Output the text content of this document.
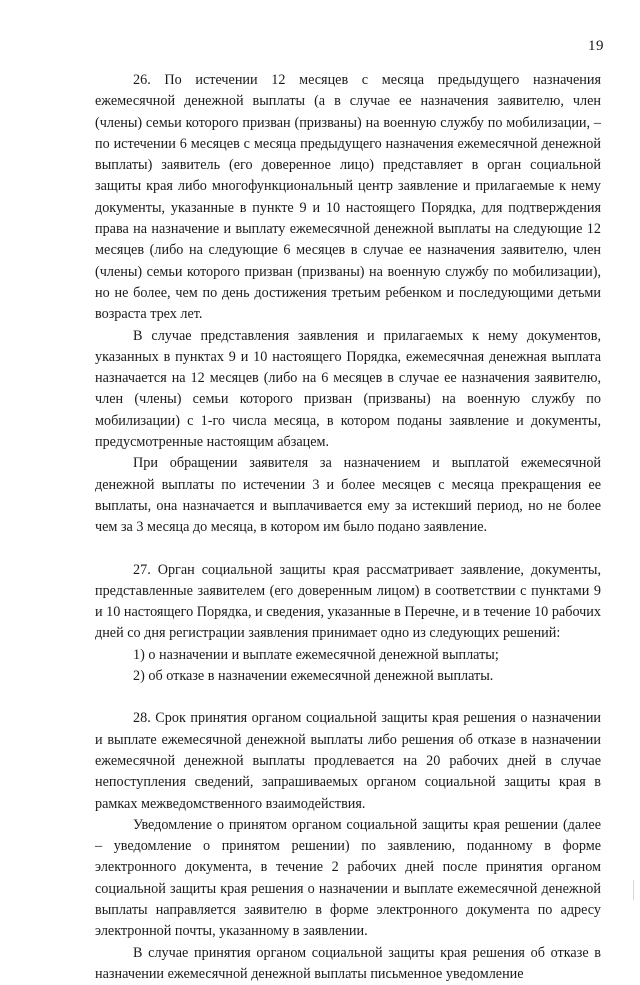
19

26. По истечении 12 месяцев с месяца предыдущего назначения ежемесячной денежной выплаты (а в случае ее назначения заявителю, член (члены) семьи которого призван (призваны) на военную службу по мобилизации, – по истечении 6 месяцев с месяца предыдущего назначения ежемесячной денежной выплаты) заявитель (его доверенное лицо) представляет в орган социальной защиты края либо многофункциональный центр заявление и прилагаемые к нему документы, указанные в пункте 9 и 10 настоящего Порядка, для подтверждения права на назначение и выплату ежемесячной денежной выплаты на следующие 12 месяцев (либо на следующие 6 месяцев в случае ее назначения заявителю, член (члены) семьи которого призван (призваны) на военную службу по мобилизации), но не более, чем по день достижения третьим ребенком и последующими детьми возраста трех лет.

В случае представления заявления и прилагаемых к нему документов, указанных в пунктах 9 и 10 настоящего Порядка, ежемесячная денежная выплата назначается на 12 месяцев (либо на 6 месяцев в случае ее назначения заявителю, член (члены) семьи которого призван (призваны) на военную службу по мобилизации) с 1-го числа месяца, в котором поданы заявление и документы, предусмотренные настоящим абзацем.

При обращении заявителя за назначением и выплатой ежемесячной денежной выплаты по истечении 3 и более месяцев с месяца прекращения ее выплаты, она назначается и выплачивается ему за истекший период, но не более чем за 3 месяца до месяца, в котором им было подано заявление.

27. Орган социальной защиты края рассматривает заявление, документы, представленные заявителем (его доверенным лицом) в соответствии с пунктами 9 и 10 настоящего Порядка, и сведения, указанные в Перечне, и в течение 10 рабочих дней со дня регистрации заявления принимает одно из следующих решений:

1) о назначении и выплате ежемесячной денежной выплаты;

2) об отказе в назначении ежемесячной денежной выплаты.

28. Срок принятия органом социальной защиты края решения о назначении и выплате ежемесячной денежной выплаты либо решения об отказе в назначении ежемесячной денежной выплаты продлевается на 20 рабочих дней в случае непоступления сведений, запрашиваемых органом социальной защиты края в рамках межведомственного взаимодействия.

Уведомление о принятом органом социальной защиты края решении (далее – уведомление о принятом решении) по заявлению, поданному в форме электронного документа, в течение 2 рабочих дней после принятия органом социальной защиты края решения о назначении и выплате ежемесячной денежной выплаты направляется заявителю в форме электронного документа по адресу электронной почты, указанному в заявлении.

В случае принятия органом социальной защиты края решения об отказе в назначении ежемесячной денежной выплаты письменное уведомление
